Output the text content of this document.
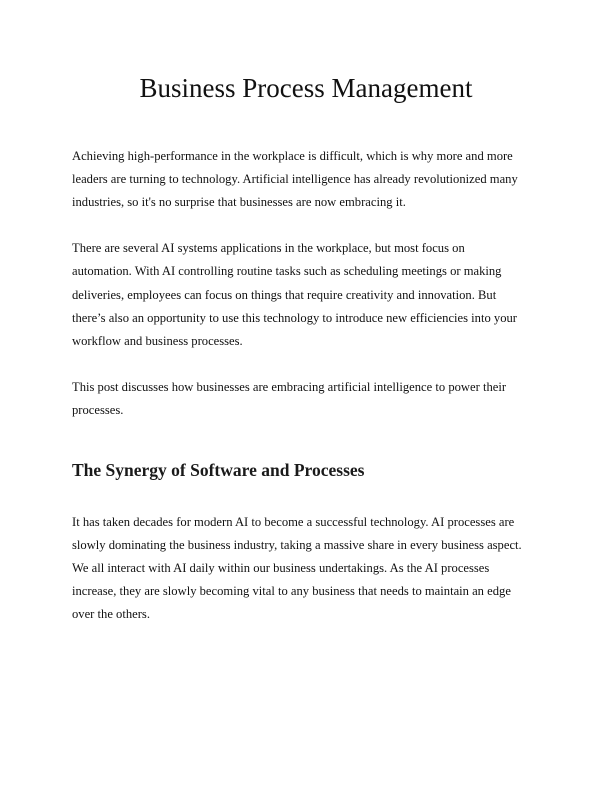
Business Process Management
Achieving high-performance in the workplace is difficult, which is why more and more
leaders are turning to technology. Artificial intelligence has already revolutionized many
industries, so it's no surprise that businesses are now embracing it.
There are several AI systems applications in the workplace, but most focus on
automation. With AI controlling routine tasks such as scheduling meetings or making
deliveries, employees can focus on things that require creativity and innovation. But
there’s also an opportunity to use this technology to introduce new efficiencies into your
workflow and business processes.
This post discusses how businesses are embracing artificial intelligence to power their
processes.
The Synergy of Software and Processes
It has taken decades for modern AI to become a successful technology. AI processes are
slowly dominating the business industry, taking a massive share in every business aspect.
We all interact with AI daily within our business undertakings. As the AI processes
increase, they are slowly becoming vital to any business that needs to maintain an edge
over the others.
